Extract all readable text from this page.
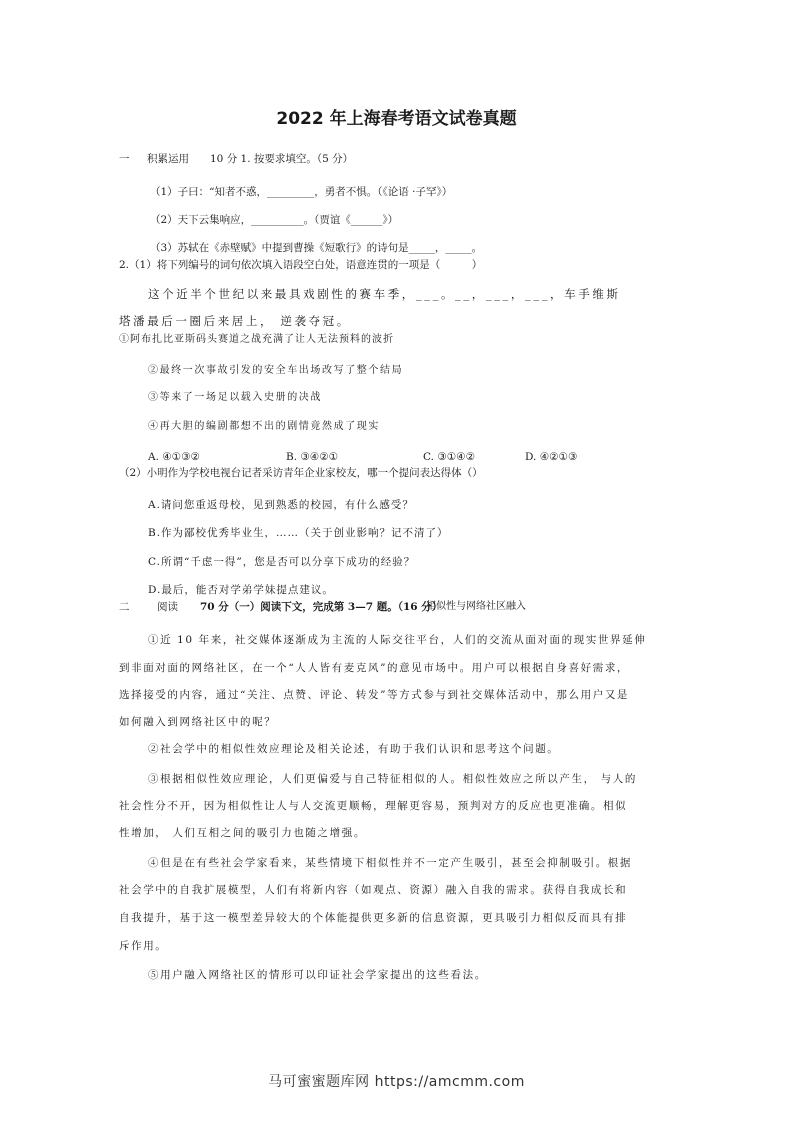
2022 年上海春考语文试卷真题
一 积累运用 10 分 1. 按要求填空。（5 分）
（1）子曰：“知者不惑，_________，勇者不惧。（《论语 ·子罕》）
（2）天下云集响应，__________。（贾谊《______》）
（3）苏轼在《赤壁赋》中提到曹操《短歌行》的诗句是_____，_____。
2.（1）将下列编号的词句依次填入语段空白处，语意连贯的一项是（　　　）
这个近半个世纪以来最具戏剧性的赛车季，___。__，___，___，车手维斯
塔潘最后一圈后来居上， 逆袭夺冠。
①阿布扎比亚斯码头赛道之战充满了让人无法预料的波折
②最终一次事故引发的安全车出场改写了整个结局
③等来了一场足以载入史册的决战
④再大胆的编剧都想不出的剧情竟然成了现实
A. ④①③②	B. ③④②①	C. ③①④②	D. ④②①③
（2）小明作为学校电视台记者采访青年企业家校友，哪一个提问表达得体（）
A.请问您重返母校，见到熟悉的校园，有什么感受？
B.作为鄙校优秀毕业生，……（关于创业影响？记不清了）
C.所谓“千虑一得”，您是否可以分享下成功的经验？
D.最后，能否对学弟学妹提点建议。
二	阅读 70 分（一）阅读下文，完成第 3—7 题。（16 分）
相似性与网络社区融入
①近 10 年来，社交媒体逐渐成为主流的人际交往平台，人们的交流从面对面的现实世界延伸
到非面对面的网络社区，在一个“人人皆有麦克风”的意见市场中。用户可以根据自身喜好需求，
选择接受的内容，通过“关注、点赞、评论、转发”等方式参与到社交媒体活动中，那么用户又是
如何融入到网络社区中的呢？
②社会学中的相似性效应理论及相关论述，有助于我们认识和思考这个问题。
③根据相似性效应理论，人们更偏爱与自己特征相似的人。相似性效应之所以产生， 与人的
社会性分不开，因为相似性让人与人交流更顺畅，理解更容易，预判对方的反应也更准确。相似
性增加， 人们互相之间的吸引力也随之增强。
④但是在有些社会学家看来，某些情境下相似性并不一定产生吸引，甚至会抑制吸引。根据
社会学中的自我扩展模型，人们有将新内容（如观点、资源）融入自我的需求。获得自我成长和
自我提升，基于这一模型差异较大的个体能提供更多新的信息资源，更具吸引力相似反而具有排
斥作用。
⑤用户融入网络社区的情形可以印证社会学家提出的这些看法。
马可蜜蜜题库网 https://amcmm.com
